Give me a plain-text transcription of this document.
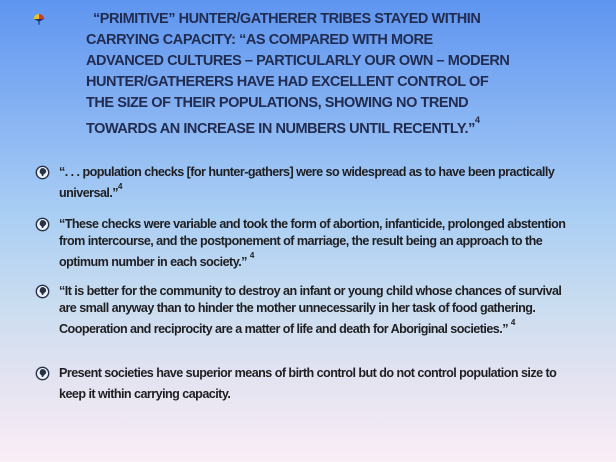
“PRIMITIVE” HUNTER/GATHERER TRIBES STAYED WITHIN
CARRYING CAPACITY: “AS COMPARED WITH MORE
ADVANCED CULTURES – PARTICULARLY OUR OWN – MODERN
HUNTER/GATHERERS HAVE HAD EXCELLENT CONTROL OF
THE SIZE OF THEIR POPULATIONS, SHOWING NO TREND
TOWARDS AN INCREASE IN NUMBERS UNTIL RECENTLY.”$^4$
“. . . population checks [for hunter-gathers] were so widespread as to have been practically universal.”$^4$
“These checks were variable and took the form of abortion, infanticide, prolonged abstention from intercourse, and the postponement of marriage, the result being an approach to the optimum number in each society.” $^4$
“It is better for the community to destroy an infant or young child whose chances of survival are small anyway than to hinder the mother unnecessarily in her task of food gathering.  Cooperation and reciprocity are a matter of life and death for Aboriginal societies.” $^4$
Present societies have superior means of birth control but do not control population size to keep it within carrying capacity.
